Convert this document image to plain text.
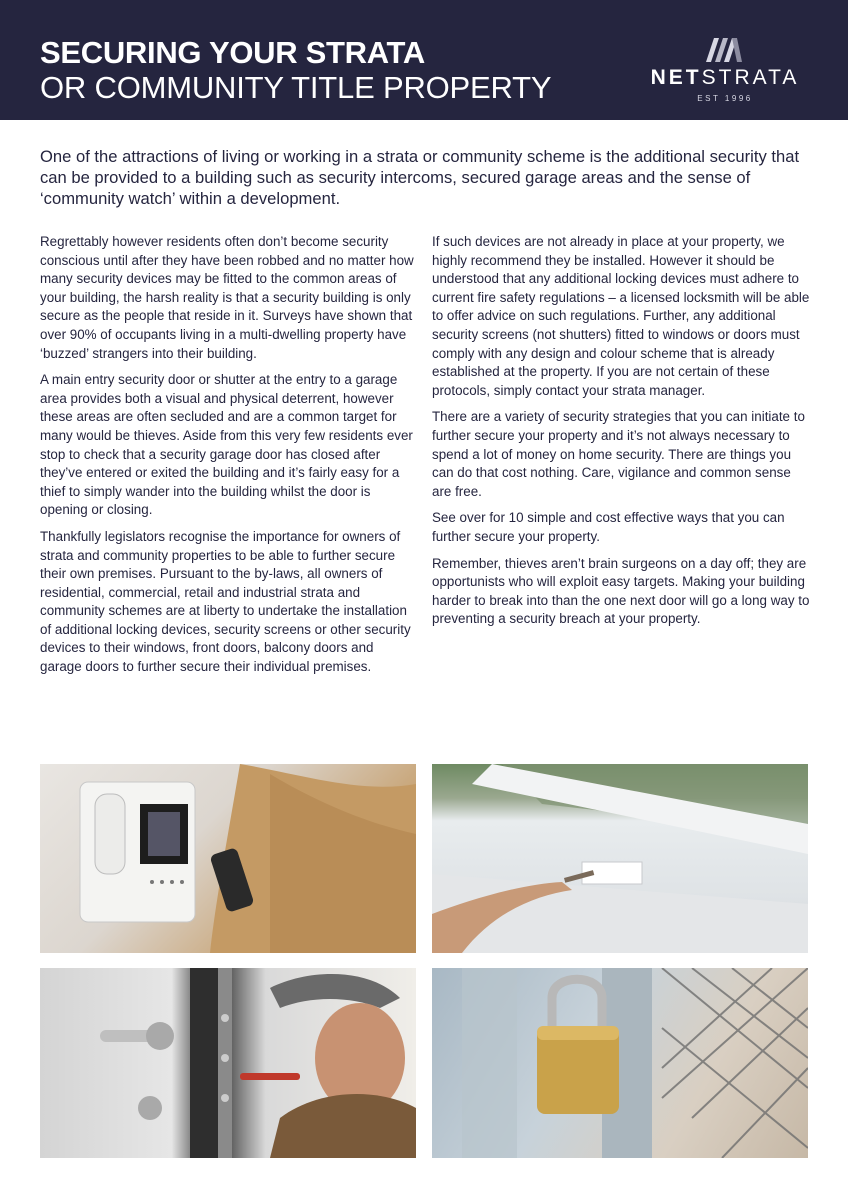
SECURING YOUR STRATA
OR COMMUNITY TITLE PROPERTY	NETSTRATA
EST 1996
One of the attractions of living or working in a strata or community scheme is the additional security that can be provided to a building such as security intercoms, secured garage areas and the sense of ‘community watch’ within a development.

Regrettably however residents often don’t become security conscious until after they have been robbed and no matter how many security devices may be fitted to the common areas of your building, the harsh reality is that a security building is only secure as the people that reside in it. Surveys have shown that over 90% of occupants living in a multi-dwelling property have ‘buzzed’ strangers into their building.

A main entry security door or shutter at the entry to a garage area provides both a visual and physical deterrent, however these areas are often secluded and are a common target for many would be thieves. Aside from this very few residents ever stop to check that a security garage door has closed after they’ve entered or exited the building and it’s fairly easy for a thief to simply wander into the building whilst the door is opening or closing.

Thankfully legislators recognise the importance for owners of strata and community properties to be able to further secure their own premises. Pursuant to the by-laws, all owners of residential, commercial, retail and industrial strata and community schemes are at liberty to undertake the installation of additional locking devices, security screens or other security devices to their windows, front doors, balcony doors and garage doors to further secure their individual premises.

If such devices are not already in place at your property, we highly recommend they be installed. However it should be understood that any additional locking devices must adhere to current fire safety regulations – a licensed locksmith will be able to offer advice on such regulations. Further, any additional security screens (not shutters) fitted to windows or doors must comply with any design and colour scheme that is already established at the property. If you are not certain of these protocols, simply contact your strata manager.

There are a variety of security strategies that you can initiate to further secure your property and it’s not always necessary to spend a lot of money on home security. There are things you can do that cost nothing. Care, vigilance and common sense are free.

See over for 10 simple and cost effective ways that you can further secure your property.

Remember, thieves aren’t brain surgeons on a day off; they are opportunists who will exploit easy targets. Making your building harder to break into than the one next door will go a long way to preventing a security breach at your property.
